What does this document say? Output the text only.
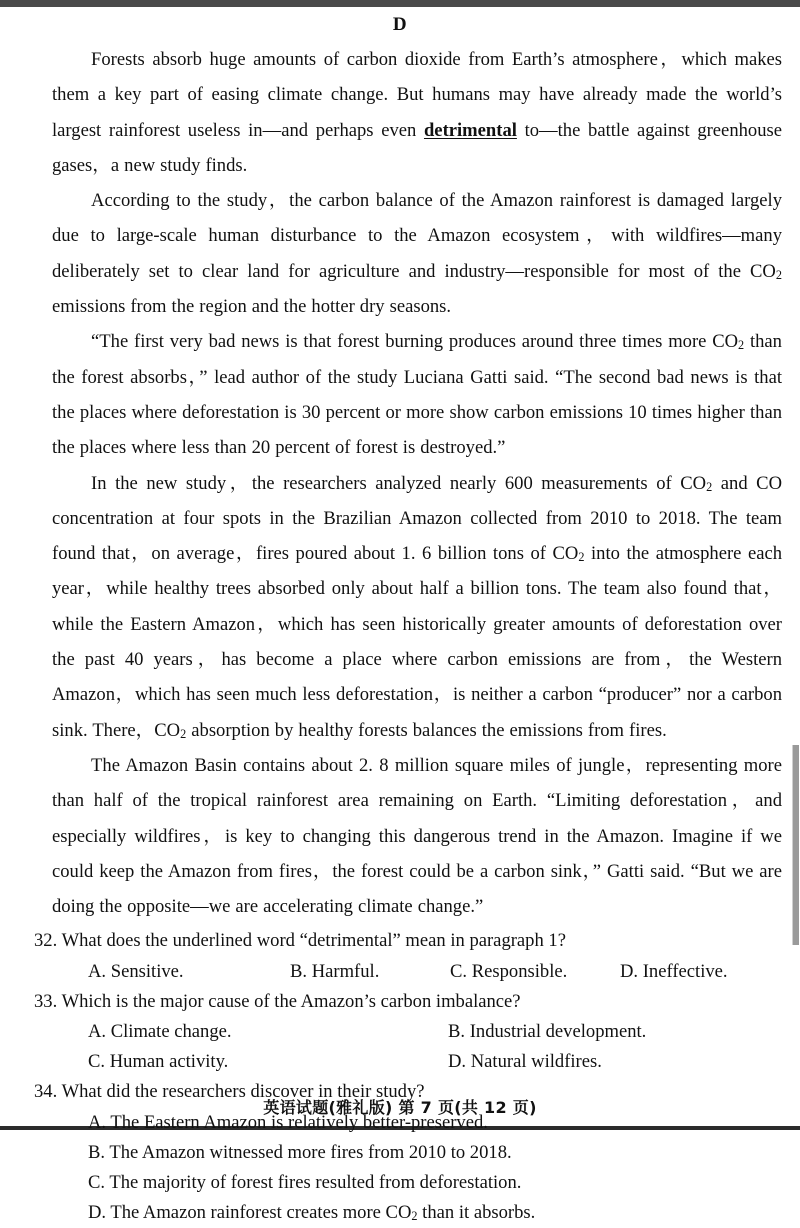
D

Forests absorb huge amounts of carbon dioxide from Earth’s atmosphere，which makes them a key part of easing climate change. But humans may have already made the world’s largest rainforest useless in—and perhaps even detrimental to—the battle against greenhouse gases，a new study finds.

According to the study，the carbon balance of the Amazon rainforest is damaged largely due to large-scale human disturbance to the Amazon ecosystem，with wildfires—many deliberately set to clear land for agriculture and industry—responsible for most of the $CO_2$ emissions from the region and the hotter dry seasons.

“The first very bad news is that forest burning produces around three times more $CO_2$ than the forest absorbs，” lead author of the study Luciana Gatti said. “The second bad news is that the places where deforestation is 30 percent or more show carbon emissions 10 times higher than the places where less than 20 percent of forest is destroyed.”

In the new study，the researchers analyzed nearly 600 measurements of $CO_2$ and CO concentration at four spots in the Brazilian Amazon collected from 2010 to 2018. The team found that，on average，fires poured about 1. 6 billion tons of $CO_2$ into the atmosphere each year，while healthy trees absorbed only about half a billion tons. The team also found that，while the Eastern Amazon，which has seen historically greater amounts of deforestation over the past 40 years，has become a place where carbon emissions are from，the Western Amazon，which has seen much less deforestation，is neither a carbon “producer” nor a carbon sink. There，$CO_2$ absorption by healthy forests balances the emissions from fires.

The Amazon Basin contains about 2. 8 million square miles of jungle，representing more than half of the tropical rainforest area remaining on Earth. “Limiting deforestation，and especially wildfires，is key to changing this dangerous trend in the Amazon. Imagine if we could keep the Amazon from fires，the forest could be a carbon sink，” Gatti said. “But we are doing the opposite—we are accelerating climate change.”

32. What does the underlined word “detrimental” mean in paragraph 1?
A. Sensitive.	B. Harmful.	C. Responsible.	D. Ineffective.
33. Which is the major cause of the Amazon’s carbon imbalance?
A. Climate change.	B. Industrial development.
C. Human activity.	D. Natural wildfires.
34. What did the researchers discover in their study?
A. The Eastern Amazon is relatively better-preserved.
B. The Amazon witnessed more fires from 2010 to 2018.
C. The majority of forest fires resulted from deforestation.
D. The Amazon rainforest creates more $CO_2$ than it absorbs.
英语试题(雅礼版) 第 7 页(共 12 页)
